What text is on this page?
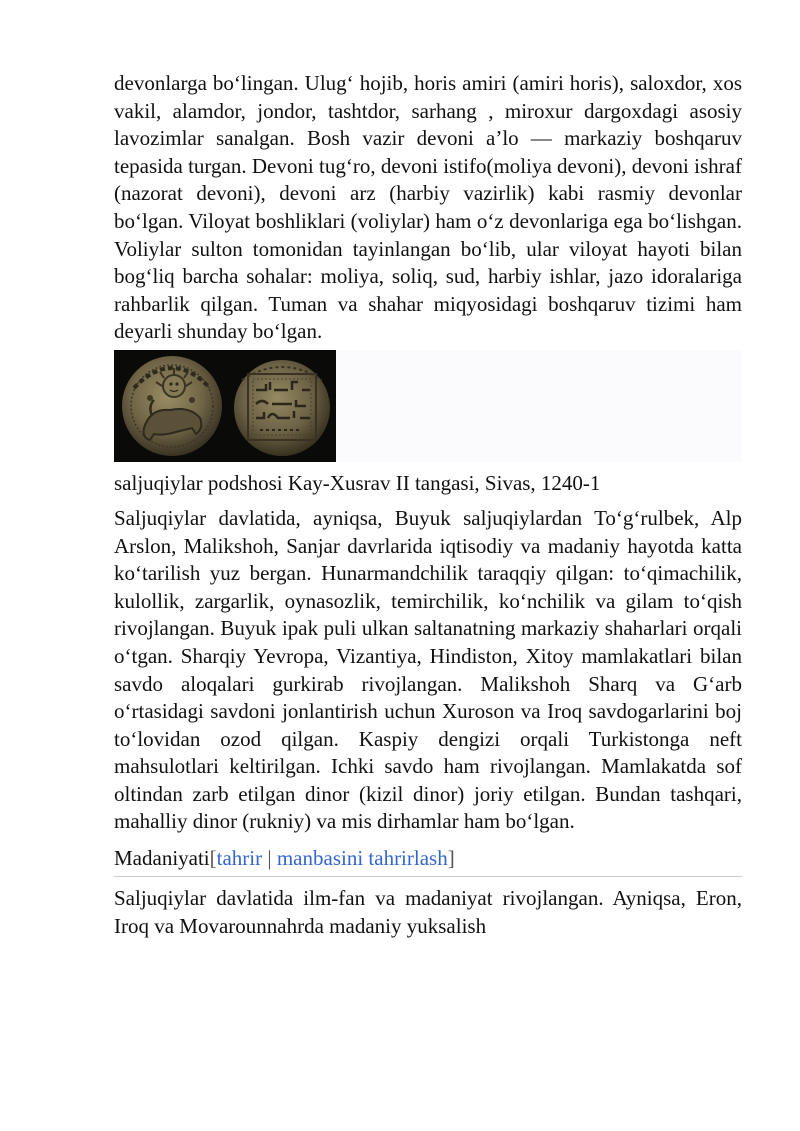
devonlarga bo‘lingan. Ulug‘ hojib, horis amiri (amiri horis), saloxdor, xos vakil, alamdor, jondor, tashtdor, sarhang , miroxur dargoxdagi asosiy lavozimlar sanalgan. Bosh vazir devoni a’lo — markaziy boshqaruv tepasida turgan. Devoni tug‘ro, devoni istifo(moliya devoni), devoni ishraf (nazorat devoni), devoni arz (harbiy vazirlik) kabi rasmiy devonlar bo‘lgan. Viloyat boshliklari (voliylar) ham o‘z devonlariga ega bo‘lishgan. Voliylar sulton tomonidan tayinlangan bo‘lib, ular viloyat hayoti bilan bog‘liq barcha sohalar: moliya, soliq, sud, harbiy ishlar, jazo idoralariga rahbarlik qilgan. Tuman va shahar miqyosidagi boshqaruv tizimi ham deyarli shunday bo‘lgan.

saljuqiylar podshosi Kay-Xusrav II tangasi, Sivas, 1240-1

Saljuqiylar davlatida, ayniqsa, Buyuk saljuqiylardan To‘g‘rulbek, Alp Arslon, Malikshoh, Sanjar davrlarida iqtisodiy va madaniy hayotda katta ko‘tarilish yuz bergan. Hunarmandchilik taraqqiy qilgan: to‘qimachilik, kulollik, zargarlik, oynasozlik, temirchilik, ko‘nchilik va gilam to‘qish rivojlangan. Buyuk ipak puli ulkan saltanatning markaziy shaharlari orqali o‘tgan. Sharqiy Yevropa, Vizantiya, Hindiston, Xitoy mamlakatlari bilan savdo aloqalari gurkirab rivojlangan. Malikshoh Sharq va G‘arb o‘rtasidagi savdoni jonlantirish uchun Xuroson va Iroq savdogarlarini boj to‘lovidan ozod qilgan. Kaspiy dengizi orqali Turkistonga neft mahsulotlari keltirilgan. Ichki savdo ham rivojlangan. Mamlakatda sof oltindan zarb etilgan dinor (kizil dinor) joriy etilgan. Bundan tashqari, mahalliy dinor (rukniy) va mis dirhamlar ham bo‘lgan.

Madaniyati[tahrir | manbasini tahrirlash]

Saljuqiylar davlatida ilm-fan va madaniyat rivojlangan. Ayniqsa, Eron, Iroq va Movarounnahrda madaniy yuksalish
